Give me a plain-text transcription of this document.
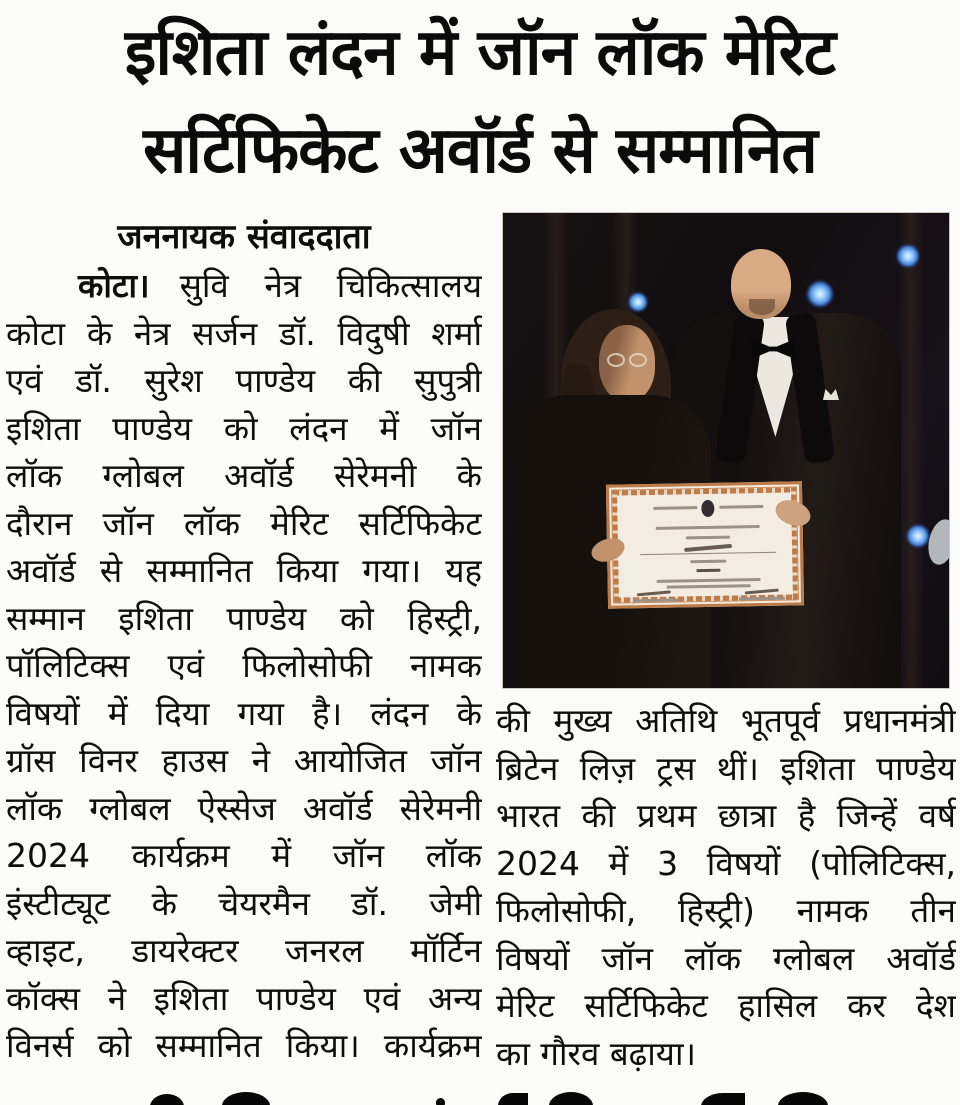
इशिता लंदन में जॉन लॉक मेरिट
सर्टिफिकेट अवॉर्ड से सम्मानित
जननायक संवाददाता
कोटा। सुवि नेत्र चिकित्सालय
कोटा के नेत्र सर्जन डॉ. विदुषी शर्मा
एवं डॉ. सुरेश पाण्डेय की सुपुत्री
इशिता पाण्डेय को लंदन में जॉन
लॉक ग्लोबल अवॉर्ड सेरेमनी के
दौरान जॉन लॉक मेरिट सर्टिफिकेट
अवॉर्ड से सम्मानित किया गया। यह
सम्मान इशिता पाण्डेय को हिस्ट्री,
पॉलिटिक्स एवं फिलोसोफी नामक
विषयों में दिया गया है। लंदन के
ग्रॉस विनर हाउस ने आयोजित जॉन
लॉक ग्लोबल ऐस्सेज अवॉर्ड सेरेमनी
2024 कार्यक्रम में जॉन लॉक
इंस्टीट्यूट के चेयरमैन डॉ. जेमी
व्हाइट, डायरेक्टर जनरल मॉर्टिन
कॉक्स ने इशिता पाण्डेय एवं अन्य
विनर्स को सम्मानित किया। कार्यक्रम
की मुख्य अतिथि भूतपूर्व प्रधानमंत्री
ब्रिटेन लिज़ ट्रस थीं। इशिता पाण्डेय
भारत की प्रथम छात्रा है जिन्हें वर्ष
2024 में 3 विषयों (पोलिटिक्स,
फिलोसोफी, हिस्ट्री) नामक तीन
विषयों जॉन लॉक ग्लोबल अवॉर्ड
मेरिट सर्टिफिकेट हासिल कर देश
का गौरव बढ़ाया।
